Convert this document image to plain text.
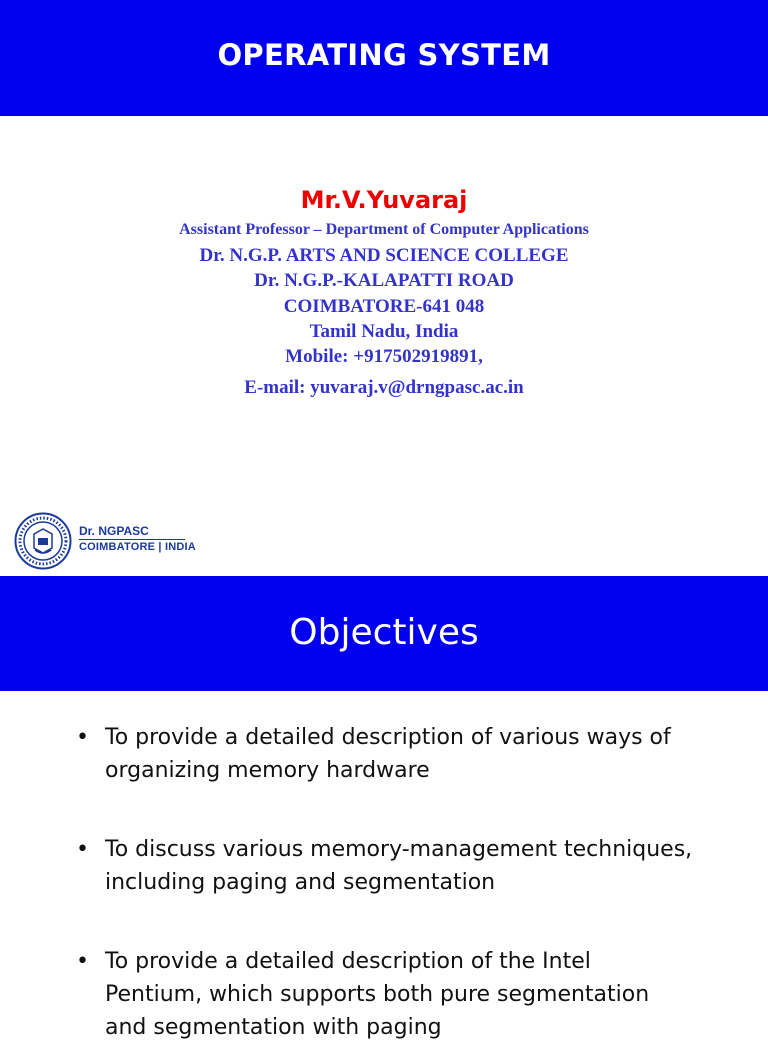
OPERATING SYSTEM
Mr.V.Yuvaraj
Assistant Professor – Department of Computer Applications
Dr. N.G.P. ARTS AND SCIENCE COLLEGE
Dr. N.G.P.-KALAPATTI ROAD
COIMBATORE-641 048
Tamil Nadu, India
Mobile: +917502919891,
E-mail: yuvaraj.v@drngpasc.ac.in
Dr. NGPASC
COIMBATORE | INDIA
Objectives
• To provide a detailed description of various ways of
organizing memory hardware
• To discuss various memory-management techniques,
including paging and segmentation
• To provide a detailed description of the Intel
Pentium, which supports both pure segmentation
and segmentation with paging
